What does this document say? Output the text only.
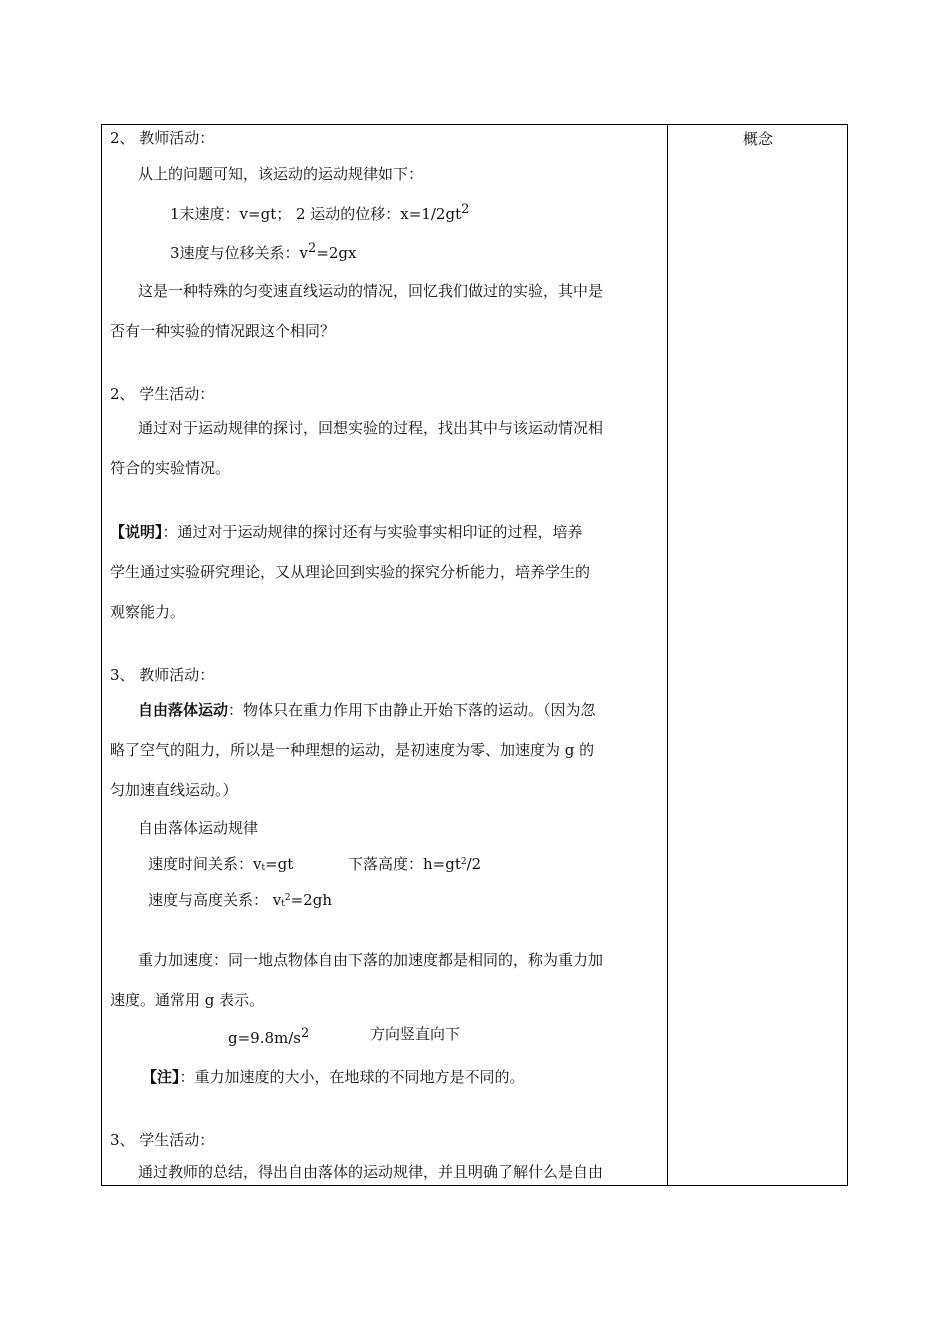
概念
2、 教师活动：
从上的问题可知，该运动的运动规律如下：
1末速度：v=gt； 2 运动的位移：$x=1/2gt^2$
3速度与位移关系：$v^2=2gx$
这是一种特殊的匀变速直线运动的情况，回忆我们做过的实验，其中是
否有一种实验的情况跟这个相同？
2、 学生活动：
通过对于运动规律的探讨，回想实验的过程，找出其中与该运动情况相
符合的实验情况。
【说明】：通过对于运动规律的探讨还有与实验事实相印证的过程，培养
学生通过实验研究理论，又从理论回到实验的探究分析能力，培养学生的
观察能力。
3、 教师活动：
自由落体运动：物体只在重力作用下由静止开始下落的运动。（因为忽
略了空气的阻力，所以是一种理想的运动，是初速度为零、加速度为 g 的
匀加速直线运动。）
自由落体运动规律
速度时间关系：$v_t=gt$	下落高度：$h=gt^2/2$
速度与高度关系： $v_t^2=2gh$
重力加速度：同一地点物体自由下落的加速度都是相同的，称为重力加
速度。通常用 g 表示。
$g=9.8m/s^2$	方向竖直向下
【注】：重力加速度的大小，在地球的不同地方是不同的。
3、 学生活动：
通过教师的总结，得出自由落体的运动规律，并且明确了解什么是自由
